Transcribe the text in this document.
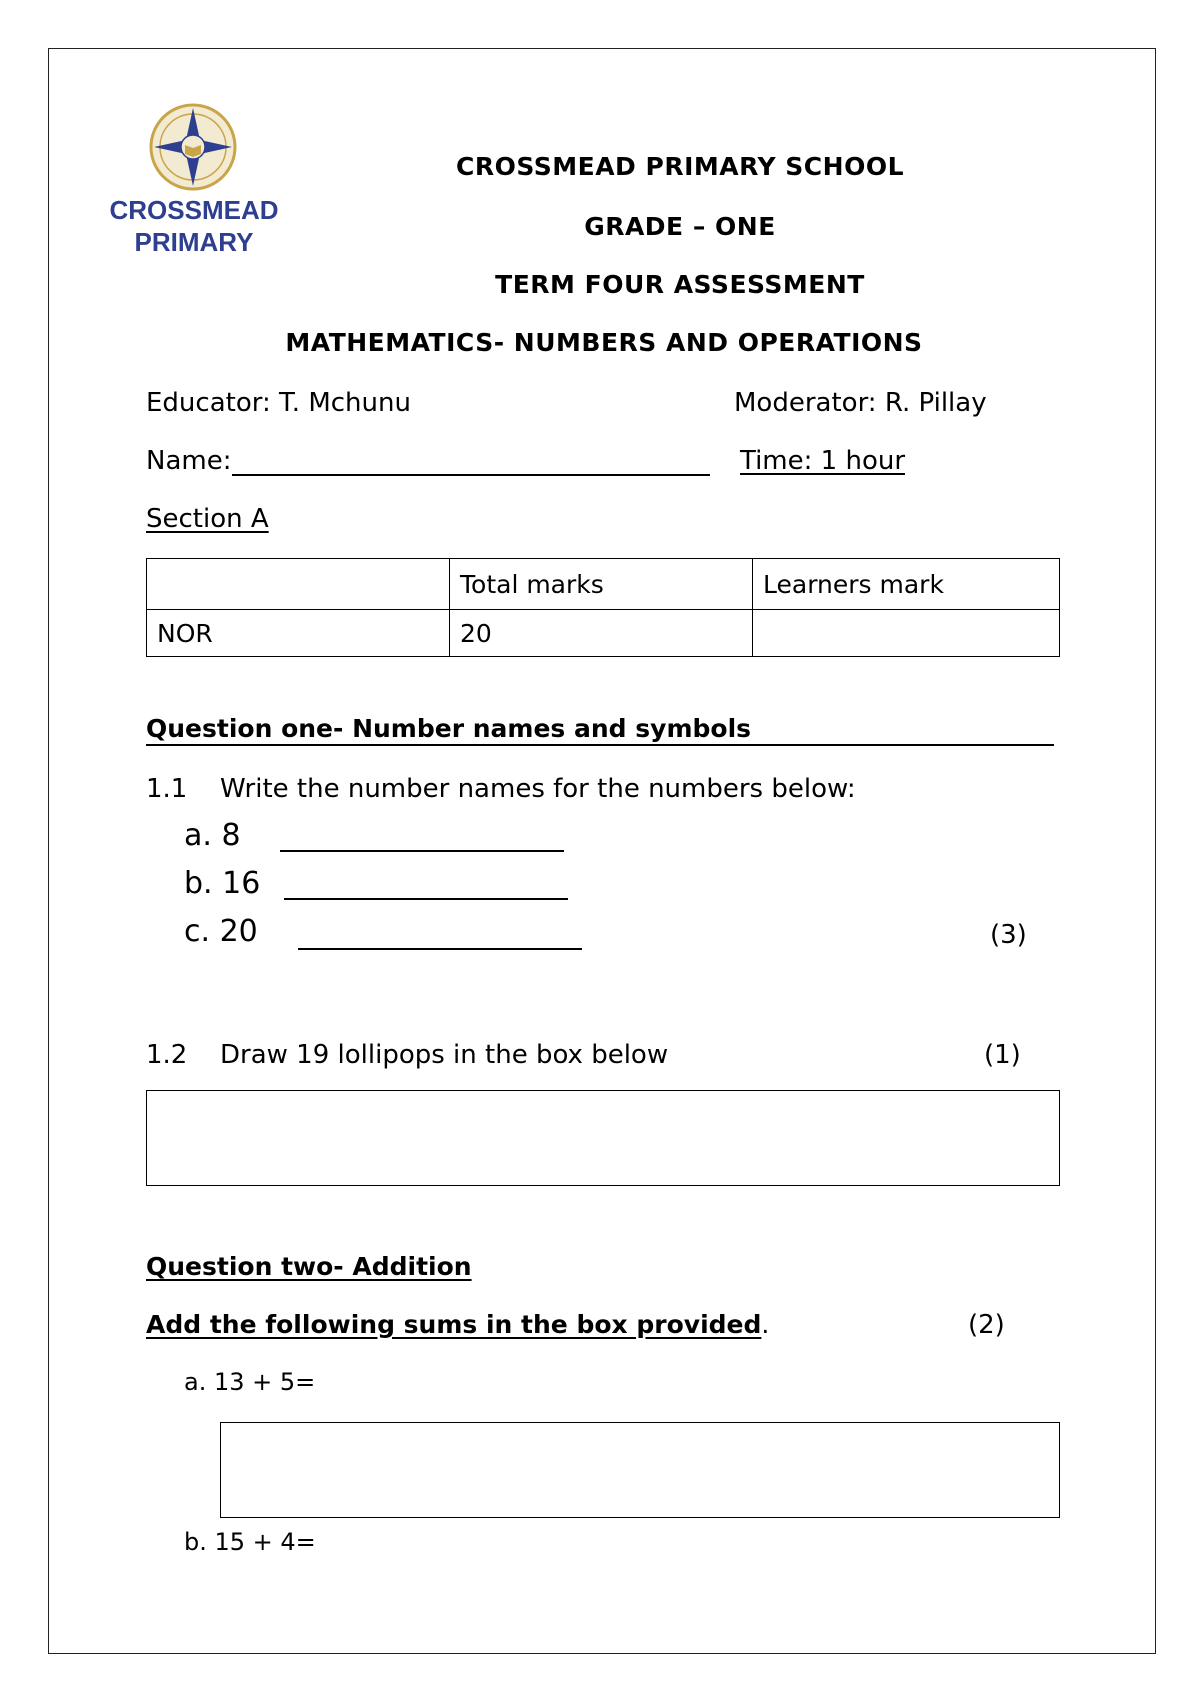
CROSSMEAD
PRIMARY
CROSSMEAD PRIMARY SCHOOL
GRADE – ONE
TERM FOUR ASSESSMENT
MATHEMATICS- NUMBERS AND OPERATIONS
Educator: T. Mchunu	Moderator: R. Pillay
Name:	Time: 1 hour
Section A
	Total marks	Learners mark
NOR	20	
Question one- Number names and symbols
1.1 Write the number names for the numbers below:
a. 8
b. 16
c. 20	(3)
1.2 Draw 19 lollipops in the box below	(1)
Question two- Addition
Add the following sums in the box provided.	(2)
a. 13 + 5=
b. 15 + 4=
